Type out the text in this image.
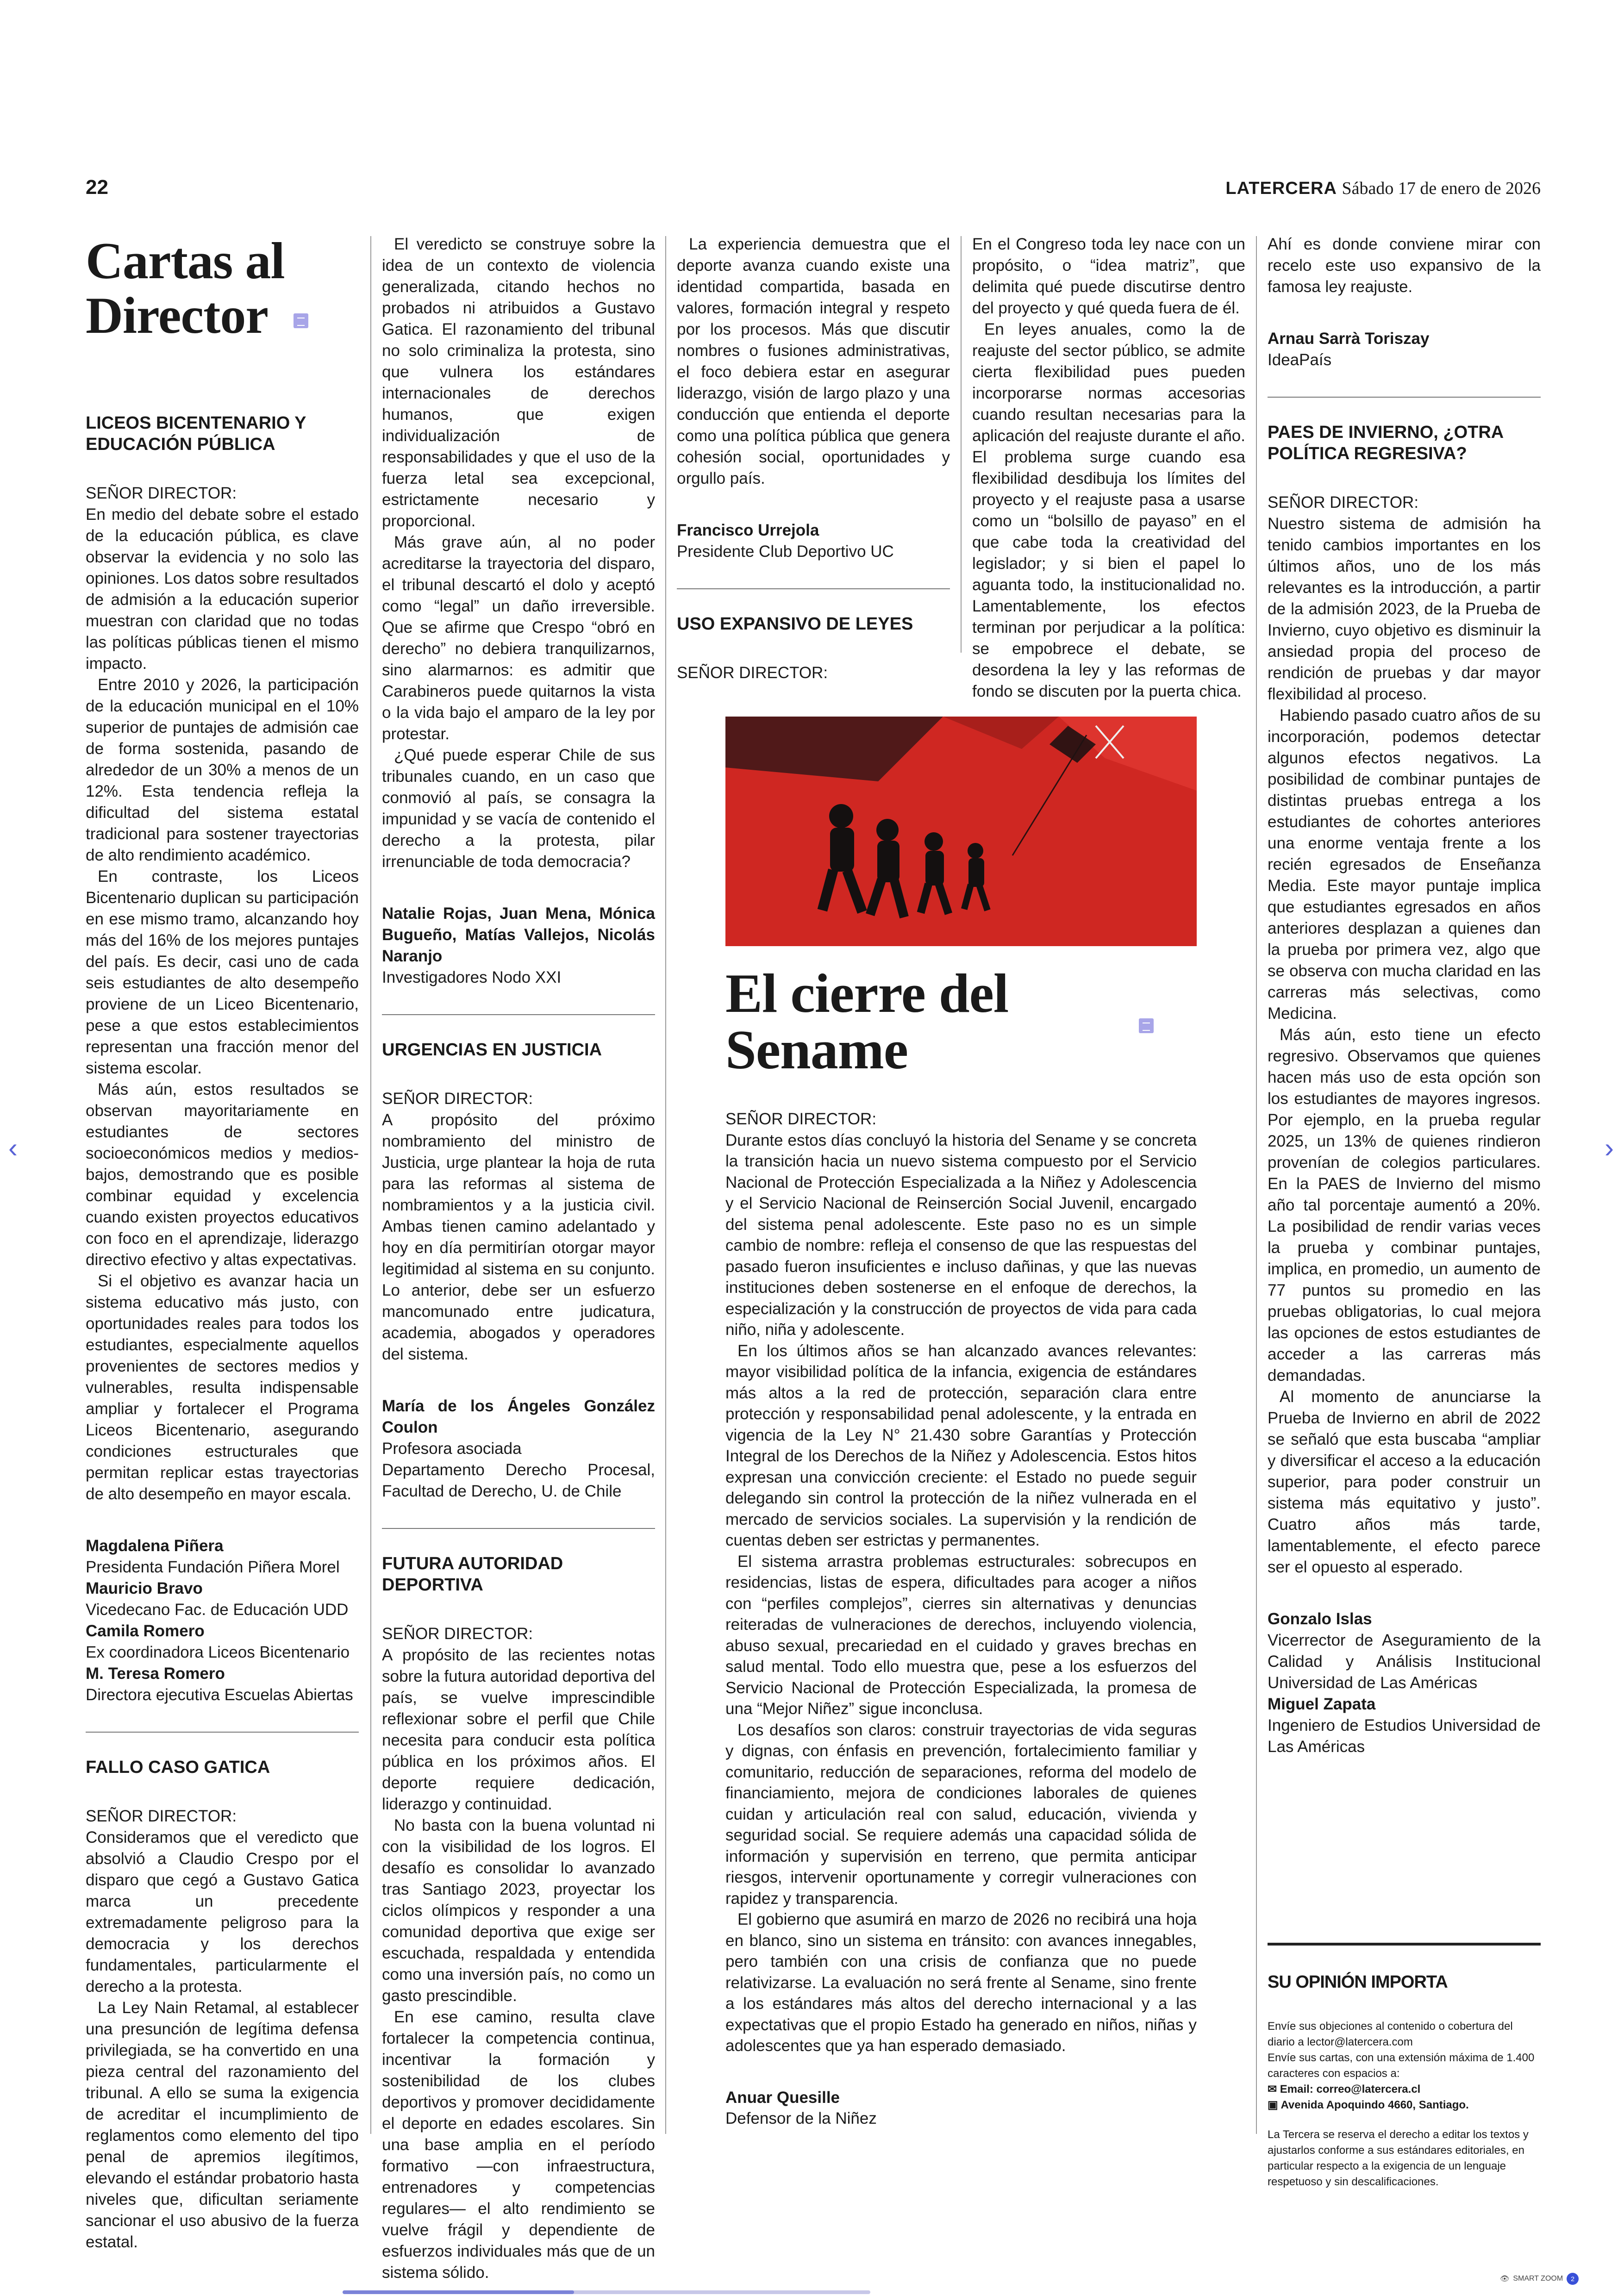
22	LATERCERA Sábado 17 de enero de 2026
Cartas al
Director
LICEOS BICENTENARIO Y EDUCACIÓN PÚBLICA

SEÑOR DIRECTOR:

En medio del debate sobre el estado de la educación pública, es clave observar la evidencia y no solo las opiniones. Los datos sobre resultados de admisión a la educación superior muestran con claridad que no todas las políticas públicas tienen el mismo impacto.

Entre 2010 y 2026, la participación de la educación municipal en el 10% superior de puntajes de admisión cae de forma sostenida, pasando de alrededor de un 30% a menos de un 12%. Esta tendencia refleja la dificultad del sistema estatal tradicional para sostener trayectorias de alto rendimiento académico.

En contraste, los Liceos Bicentenario duplican su participación en ese mismo tramo, alcanzando hoy más del 16% de los mejores puntajes del país. Es decir, casi uno de cada seis estudiantes de alto desempeño proviene de un Liceo Bicentenario, pese a que estos establecimientos representan una fracción menor del sistema escolar.

Más aún, estos resultados se observan mayoritariamente en estudiantes de sectores socioeconómicos medios y medios-bajos, demostrando que es posible combinar equidad y excelencia cuando existen proyectos educativos con foco en el aprendizaje, liderazgo directivo efectivo y altas expectativas.

Si el objetivo es avanzar hacia un sistema educativo más justo, con oportunidades reales para todos los estudiantes, especialmente aquellos provenientes de sectores medios y vulnerables, resulta indispensable ampliar y fortalecer el Programa Liceos Bicentenario, asegurando condiciones estructurales que permitan replicar estas trayectorias de alto desempeño en mayor escala.

Magdalena Piñera

Presidenta Fundación Piñera Morel

Mauricio Bravo

Vicedecano Fac. de Educación UDD

Camila Romero

Ex coordinadora Liceos Bicentenario

M. Teresa Romero

Directora ejecutiva Escuelas Abiertas

FALLO CASO GATICA

SEÑOR DIRECTOR:

Consideramos que el veredicto que absolvió a Claudio Crespo por el disparo que cegó a Gustavo Gatica marca un precedente extremadamente peligroso para la democracia y los derechos fundamentales, particularmente el derecho a la protesta.

La Ley Nain Retamal, al establecer una presunción de legítima defensa privilegiada, se ha convertido en una pieza central del razonamiento del tribunal. A ello se suma la exigencia de acreditar el incumplimiento de reglamentos como elemento del tipo penal de apremios ilegítimos, elevando el estándar probatorio hasta niveles que, dificultan seriamente sancionar el uso abusivo de la fuerza estatal.

El veredicto se construye sobre la idea de un contexto de violencia generalizada, citando hechos no probados ni atribuidos a Gustavo Gatica. El razonamiento del tribunal no solo criminaliza la protesta, sino que vulnera los estándares internacionales de derechos humanos, que exigen individualización de responsabilidades y que el uso de la fuerza letal sea excepcional, estrictamente necesario y proporcional.

Más grave aún, al no poder acreditarse la trayectoria del disparo, el tribunal descartó el dolo y aceptó como “legal” un daño irreversible. Que se afirme que Crespo “obró en derecho” no debiera tranquilizarnos, sino alarmarnos: es admitir que Carabineros puede quitarnos la vista o la vida bajo el amparo de la ley por protestar.

¿Qué puede esperar Chile de sus tribunales cuando, en un caso que conmovió al país, se consagra la impunidad y se vacía de contenido el derecho a la protesta, pilar irrenunciable de toda democracia?

Natalie Rojas, Juan Mena, Mónica Bugueño, Matías Vallejos, Nicolás Naranjo

Investigadores Nodo XXI

URGENCIAS EN JUSTICIA

SEÑOR DIRECTOR:

A propósito del próximo nombramiento del ministro de Justicia, urge plantear la hoja de ruta para las reformas al sistema de nombramientos y a la justicia civil. Ambas tienen camino adelantado y hoy en día permitirían otorgar mayor legitimidad al sistema en su conjunto. Lo anterior, debe ser un esfuerzo mancomunado entre judicatura, academia, abogados y operadores del sistema.

María de los Ángeles González Coulon

Profesora asociada

Departamento Derecho Procesal, Facultad de Derecho, U. de Chile

FUTURA AUTORIDAD DEPORTIVA

SEÑOR DIRECTOR:

A propósito de las recientes notas sobre la futura autoridad deportiva del país, se vuelve imprescindible reflexionar sobre el perfil que Chile necesita para conducir esta política pública en los próximos años. El deporte requiere dedicación, liderazgo y continuidad.

No basta con la buena voluntad ni con la visibilidad de los logros. El desafío es consolidar lo avanzado tras Santiago 2023, proyectar los ciclos olímpicos y responder a una comunidad deportiva que exige ser escuchada, respaldada y entendida como una inversión país, no como un gasto prescindible.

En ese camino, resulta clave fortalecer la competencia continua, incentivar la formación y sostenibilidad de los clubes deportivos y promover decididamente el deporte en edades escolares. Sin una base amplia en el período formativo —con infraestructura, entrenadores y competencias regulares— el alto rendimiento se vuelve frágil y dependiente de esfuerzos individuales más que de un sistema sólido.

La experiencia demuestra que el deporte avanza cuando existe una identidad compartida, basada en valores, formación integral y respeto por los procesos. Más que discutir nombres o fusiones administrativas, el foco debiera estar en asegurar liderazgo, visión de largo plazo y una conducción que entienda el deporte como una política pública que genera cohesión social, oportunidades y orgullo país.

Francisco Urrejola

Presidente Club Deportivo UC

USO EXPANSIVO DE LEYES

SEÑOR DIRECTOR:

En el Congreso toda ley nace con un propósito, o “idea matriz”, que delimita qué puede discutirse dentro del proyecto y qué queda fuera de él.

En leyes anuales, como la de reajuste del sector público, se admite cierta flexibilidad pues pueden incorporarse normas accesorias cuando resultan necesarias para la aplicación del reajuste durante el año. El problema surge cuando esa flexibilidad desdibuja los límites del proyecto y el reajuste pasa a usarse como un “bolsillo de payaso” en el que cabe toda la creatividad del legislador; y si bien el papel lo aguanta todo, la institucionalidad no. Lamentablemente, los efectos terminan por perjudicar a la política: se empobrece el debate, se desordena la ley y las reformas de fondo se discuten por la puerta chica.

Ahí es donde conviene mirar con recelo este uso expansivo de la famosa ley reajuste.

Arnau Sarrà Toriszay

IdeaPaís

PAES DE INVIERNO, ¿OTRA POLÍTICA REGRESIVA?

SEÑOR DIRECTOR:

Nuestro sistema de admisión ha tenido cambios importantes en los últimos años, uno de los más relevantes es la introducción, a partir de la admisión 2023, de la Prueba de Invierno, cuyo objetivo es disminuir la ansiedad propia del proceso de rendición de pruebas y dar mayor flexibilidad al proceso.

Habiendo pasado cuatro años de su incorporación, podemos detectar algunos efectos negativos. La posibilidad de combinar puntajes de distintas pruebas entrega a los estudiantes de cohortes anteriores una enorme ventaja frente a los recién egresados de Enseñanza Media. Este mayor puntaje implica que estudiantes egresados en años anteriores desplazan a quienes dan la prueba por primera vez, algo que se observa con mucha claridad en las carreras más selectivas, como Medicina.

Más aún, esto tiene un efecto regresivo. Observamos que quienes hacen más uso de esta opción son los estudiantes de mayores ingresos. Por ejemplo, en la prueba regular 2025, un 13% de quienes rindieron provenían de colegios particulares. En la PAES de Invierno del mismo año tal porcentaje aumentó a 20%. La posibilidad de rendir varias veces la prueba y combinar puntajes, implica, en promedio, un aumento de 77 puntos su promedio en las pruebas obligatorias, lo cual mejora las opciones de estos estudiantes de acceder a las carreras más demandadas.

Al momento de anunciarse la Prueba de Invierno en abril de 2022 se señaló que esta buscaba “ampliar y diversificar el acceso a la educación superior, para poder construir un sistema más equitativo y justo”. Cuatro años más tarde, lamentablemente, el efecto parece ser el opuesto al esperado.

Gonzalo Islas

Vicerrector de Aseguramiento de la Calidad y Análisis Institucional Universidad de Las Américas

Miguel Zapata

Ingeniero de Estudios Universidad de Las Américas

SU OPINIÓN IMPORTA

Envíe sus objeciones al contenido o cobertura del diario a lector@latercera.com

Envíe sus cartas, con una extensión máxima de 1.400 caracteres con espacios a:

✉ Email: correo@latercera.cl

▣ Avenida Apoquindo 4660, Santiago.

La Tercera se reserva el derecho a editar los textos y ajustarlos conforme a sus estándares editoriales, en particular respecto a la exigencia de un lenguaje respetuoso y sin descalificaciones.

El cierre del
Sename

SEÑOR DIRECTOR:

Durante estos días concluyó la historia del Sename y se concreta la transición hacia un nuevo sistema compuesto por el Servicio Nacional de Protección Especializada a la Niñez y Adolescencia y el Servicio Nacional de Reinserción Social Juvenil, encargado del sistema penal adolescente. Este paso no es un simple cambio de nombre: refleja el consenso de que las respuestas del pasado fueron insuficientes e incluso dañinas, y que las nuevas instituciones deben sostenerse en el enfoque de derechos, la especialización y la construcción de proyectos de vida para cada niño, niña y adolescente.

En los últimos años se han alcanzado avances relevantes: mayor visibilidad política de la infancia, exigencia de estándares más altos a la red de protección, separación clara entre protección y responsabilidad penal adolescente, y la entrada en vigencia de la Ley N° 21.430 sobre Garantías y Protección Integral de los Derechos de la Niñez y Adolescencia. Estos hitos expresan una convicción creciente: el Estado no puede seguir delegando sin control la protección de la niñez vulnerada en el mercado de servicios sociales. La supervisión y la rendición de cuentas deben ser estrictas y permanentes.

El sistema arrastra problemas estructurales: sobrecupos en residencias, listas de espera, dificultades para acoger a niños con “perfiles complejos”, cierres sin alternativas y denuncias reiteradas de vulneraciones de derechos, incluyendo violencia, abuso sexual, precariedad en el cuidado y graves brechas en salud mental. Todo ello muestra que, pese a los esfuerzos del Servicio Nacional de Protección Especializada, la promesa de una “Mejor Niñez” sigue inconclusa.

Los desafíos son claros: construir trayectorias de vida seguras y dignas, con énfasis en prevención, fortalecimiento familiar y comunitario, reducción de separaciones, reforma del modelo de financiamiento, mejora de condiciones laborales de quienes cuidan y articulación real con salud, educación, vivienda y seguridad social. Se requiere además una capacidad sólida de información y supervisión en terreno, que permita anticipar riesgos, intervenir oportunamente y corregir vulneraciones con rapidez y transparencia.

El gobierno que asumirá en marzo de 2026 no recibirá una hoja en blanco, sino un sistema en tránsito: con avances innegables, pero también con una crisis de confianza que no puede relativizarse. La evaluación no será frente al Sename, sino frente a los estándares más altos del derecho internacional y a las expectativas que el propio Estado ha generado en niños, niñas y adolescentes que ya han esperado demasiado.

Anuar Quesille

Defensor de la Niñez

‹	›
👁 SMART ZOOM	2
